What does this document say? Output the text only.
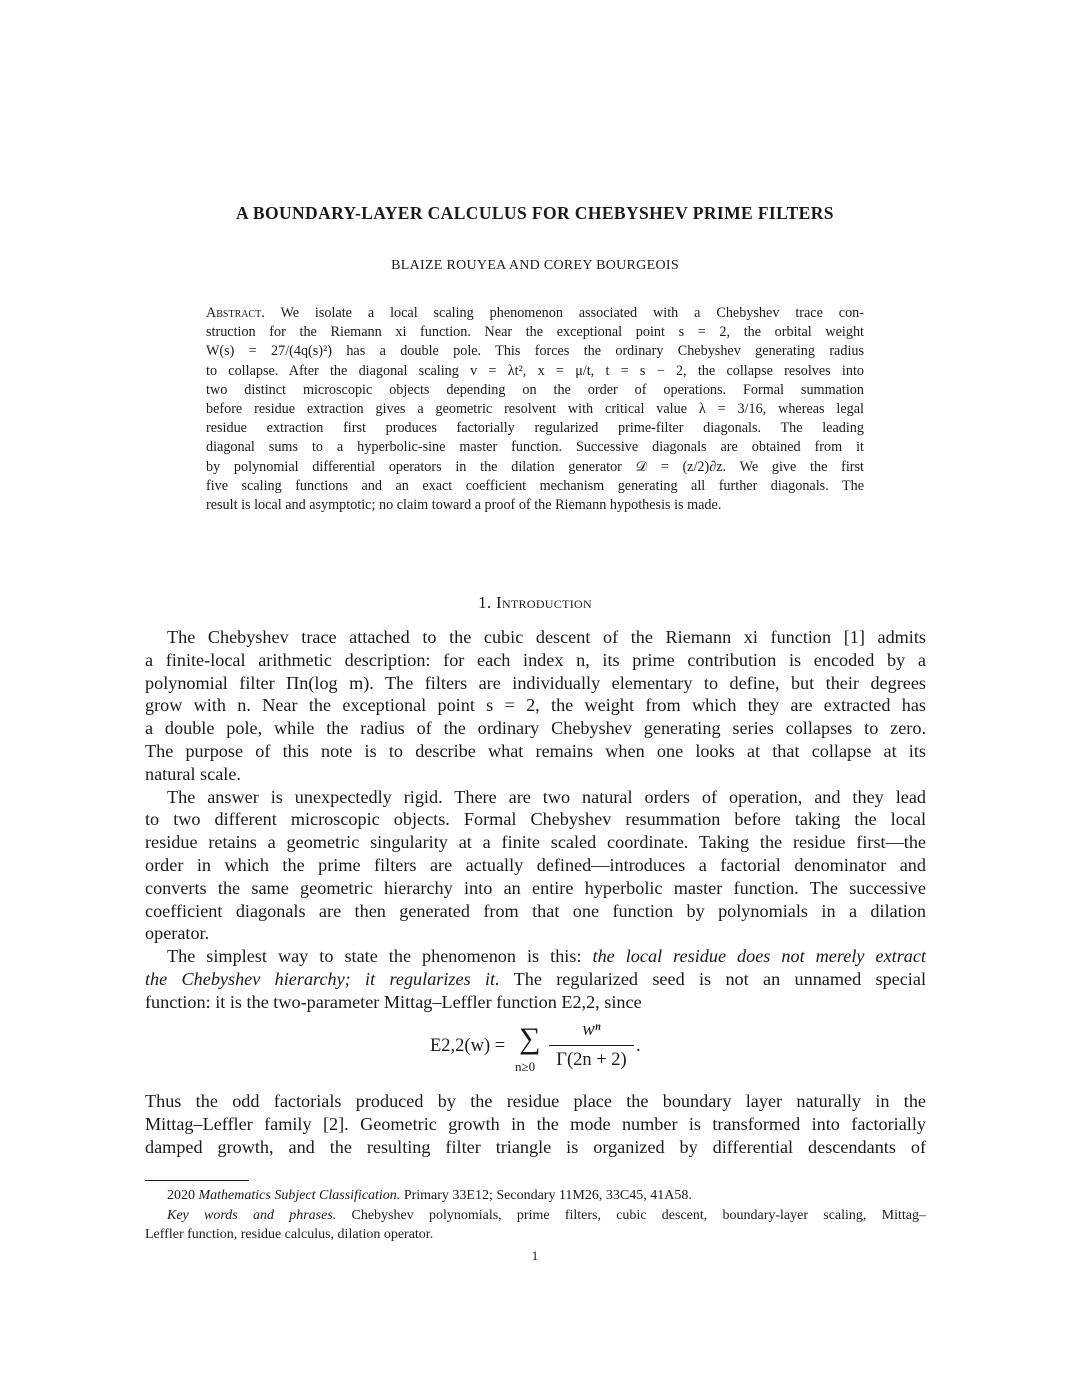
A BOUNDARY-LAYER CALCULUS FOR CHEBYSHEV PRIME FILTERS
BLAIZE ROUYEA AND COREY BOURGEOIS
Abstract. We isolate a local scaling phenomenon associated with a Chebyshev trace con-
struction for the Riemann xi function. Near the exceptional point s = 2, the orbital weight
W(s) = 27/(4q(s)²) has a double pole. This forces the ordinary Chebyshev generating radius
to collapse. After the diagonal scaling v = λt², x = μ/t, t = s − 2, the collapse resolves into
two distinct microscopic objects depending on the order of operations. Formal summation
before residue extraction gives a geometric resolvent with critical value λ = 3/16, whereas legal
residue extraction first produces factorially regularized prime-filter diagonals. The leading
diagonal sums to a hyperbolic-sine master function. Successive diagonals are obtained from it
by polynomial differential operators in the dilation generator 𝒟 = (z/2)∂z. We give the first
five scaling functions and an exact coefficient mechanism generating all further diagonals. The
result is local and asymptotic; no claim toward a proof of the Riemann hypothesis is made.
1. Introduction
The Chebyshev trace attached to the cubic descent of the Riemann xi function [1] admits
a finite-local arithmetic description: for each index n, its prime contribution is encoded by a
polynomial filter Πn(log m). The filters are individually elementary to define, but their degrees
grow with n. Near the exceptional point s = 2, the weight from which they are extracted has
a double pole, while the radius of the ordinary Chebyshev generating series collapses to zero.
The purpose of this note is to describe what remains when one looks at that collapse at its
natural scale.
The answer is unexpectedly rigid. There are two natural orders of operation, and they lead
to two different microscopic objects. Formal Chebyshev resummation before taking the local
residue retains a geometric singularity at a finite scaled coordinate. Taking the residue first—the
order in which the prime filters are actually defined—introduces a factorial denominator and
converts the same geometric hierarchy into an entire hyperbolic master function. The successive
coefficient diagonals are then generated from that one function by polynomials in a dilation
operator.
The simplest way to state the phenomenon is this: the local residue does not merely extract
the Chebyshev hierarchy; it regularizes it. The regularized seed is not an unnamed special
function: it is the two-parameter Mittag–Leffler function E2,2, since
E2,2(w) = ∑
n≥0
wⁿ
Γ(2n + 2)
.
Thus the odd factorials produced by the residue place the boundary layer naturally in the
Mittag–Leffler family [2]. Geometric growth in the mode number is transformed into factorially
damped growth, and the resulting filter triangle is organized by differential descendants of
2020 Mathematics Subject Classification. Primary 33E12; Secondary 11M26, 33C45, 41A58.
Key words and phrases. Chebyshev polynomials, prime filters, cubic descent, boundary-layer scaling, Mittag–
Leffler function, residue calculus, dilation operator.
1
